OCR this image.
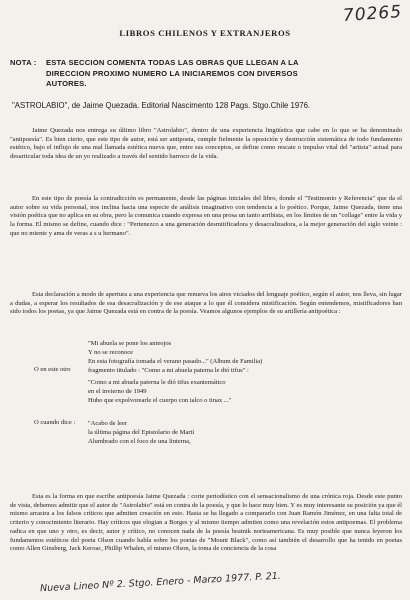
70265
LIBROS CHILENOS Y EXTRANJEROS
NOTA : ESTA SECCION COMENTA TODAS LAS OBRAS QUE LLEGAN A LA
DIRECCION PROXIMO NUMERO LA INICIAREMOS CON DIVERSOS
AUTORES.
"ASTROLABIO", de Jaime Quezada. Editorial Nascimento 128 Pags. Stgo.Chile 1976.

Jaime Quezada nos entrega su último libro "Astrolabio", dentro de una experiencia lingüística que cabe en lo que se ha denominado "antipoesía". Es bien cierto, que este tipo de autor, está ser antipoeta, cumple fielmente la oposición y destrucción sistemática de todo fundamento estético, bajo el influjo de una mal llamada estética nueva que, entre sus conceptos, se define como rescate o impulso vital del "artista" actual para desarticular toda idea de un yo realizado a través del sentido barroco de la vida.

En este tipo de poesía la contradicción es permanente, desde las páginas iniciales del libro, donde el "Testimonio y Referencia" que da el autor sobre su vida personal, nos inclina hacia una especie de análisis imaginativo con tendencia a lo poético. Porque, Jaime Quezada, tiene una visión poética que no aplica en su obra, pero la comunica cuando expresa en una prosa un tanto arribista, en los límites de un "collage" entre la vida y la forma. El mismo se define, cuando dice : "Pertenezco a una generación desmitificadora y desacralizadora, a la mejor generación del siglo veinte : que no miente y ama de veras a s u hermano".

Esta declaración a modo de apertura a una experiencia que renueva los aires viciados del lenguaje poético, según el autor, nos lleva, sin lugar a dudas, a esperar los resultados de esa desacralización y de ese ataque a lo que él considera mistificación. Según entendemos, mistificadores han sido todos los poetas, ya que Jaime Quezada está en contra de la poesía. Veamos algunos ejemplos de su artillería antipoética :

"Mi abuela se pone los anteojos
Y no se reconoce
En esta fotografía tomada el verano pasado..." (Album de Familia)
O en este otro	fragmento titulado : "Como a mi abuela paterna le dió tifus" :
"Como a mi abuela paterna le dió tifus exantemático
en el invierno de 1949
Hubo que expolvorearle el cuerpo con talco o tinax ..."
O cuando dice : "Acabo de leer
la última página del Epistolario de Martí
Alumbrado con el foco de una linterna,

Esta es la forma en que escribe antipoesía Jaime Quezada : corte periodístico con el sensacionalismo de una crónica roja. Desde este punto de vista, debemos admitir que el autor de "Astrolabio" está en contra de la poesía, y que lo hace muy bien. Y es muy interesante su posición ya que él mismo arrastra a los falsos críticos que admiten creación en esto. Hasta se ha llegado a compararlo con Juan Ramón Jiménez, en una falta total de criterio y conocimiento literario. Hay críticos que elogian a Borges y al mismo tiempo admiten como una revelación estos antipoemas. El problema radica en que uno y otro, es decir, autor y crítico, no conocen nada de la poesía beatnik norteamericana. Es muy posible que nunca leyeron los fundamentos estéticos del poeta Olson cuando habla sobre los poetas de "Mount Black", como así también el desarrollo que ha tenido en poetas como Allen Ginsberg, Jack Keroac, Phillip Whalen, el mismo Olson, la toma de conciencia de la cosa

Nueva Lineo Nº 2. Stgo. Enero - Marzo 1977. P. 21.
